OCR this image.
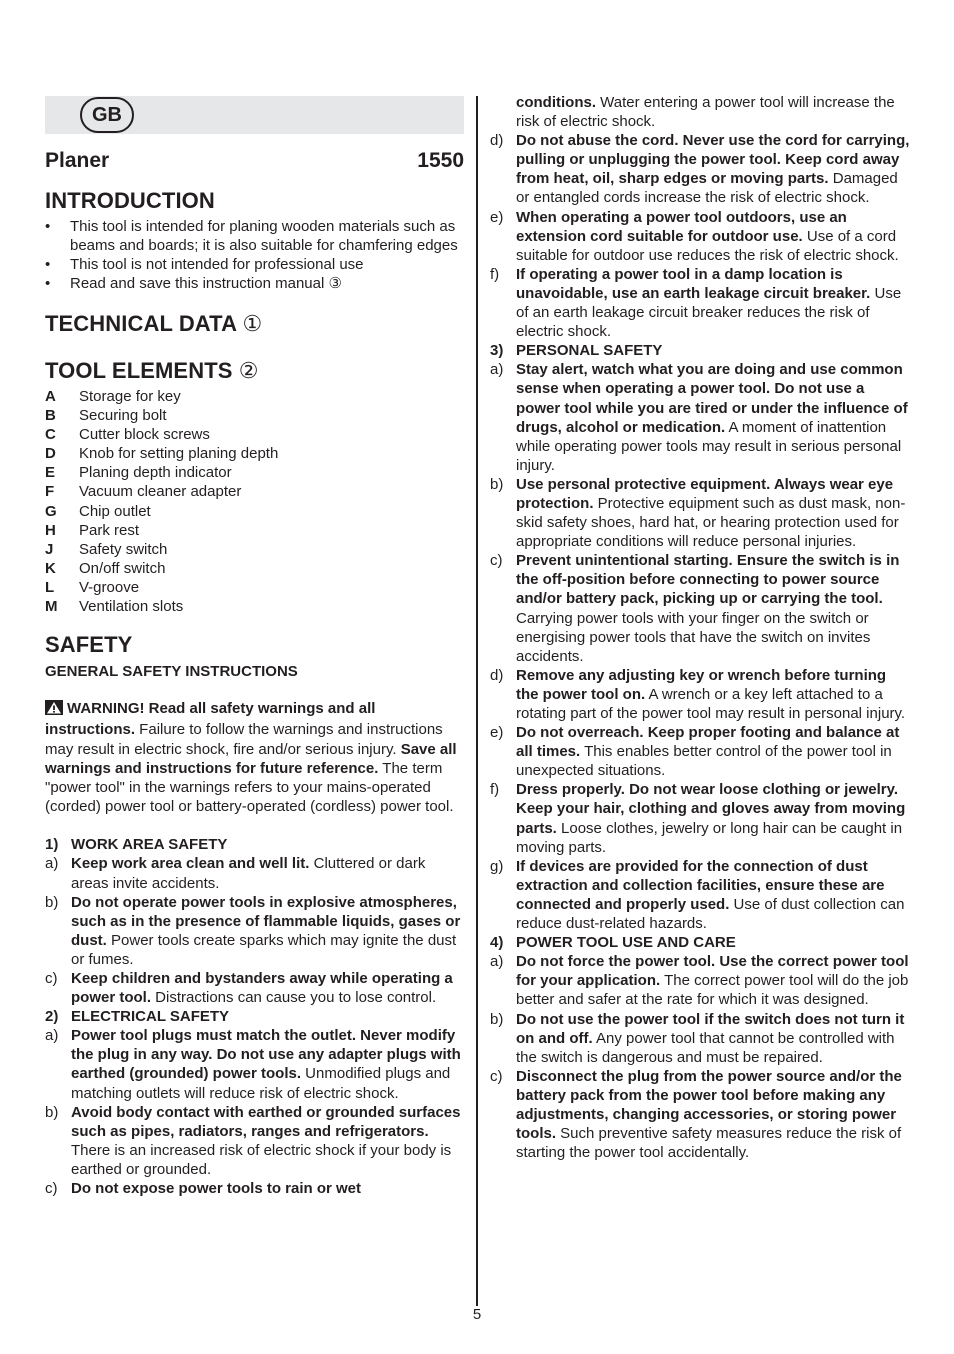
GB
Planer	1550
INTRODUCTION
•	This tool is intended for planing wooden materials such as beams and boards; it is also suitable for chamfering edges
•	This tool is not intended for professional use
•	Read and save this instruction manual ③
TECHNICAL DATA ①
TOOL ELEMENTS ②
A	Storage for key
B	Securing bolt
C	Cutter block screws
D	Knob for setting planing depth
E	Planing depth indicator
F	Vacuum cleaner adapter
G	Chip outlet
H	Park rest
J	Safety switch
K	On/off switch
L	V-groove
M	Ventilation slots
SAFETY
GENERAL SAFETY INSTRUCTIONS
WARNING! Read all safety warnings and all instructions. Failure to follow the warnings and instructions may result in electric shock, fire and/or serious injury. Save all warnings and instructions for future reference. The term "power tool" in the warnings refers to your mains-operated (corded) power tool or battery-operated (cordless) power tool.
1) WORK AREA SAFETY
a) Keep work area clean and well lit. Cluttered or dark areas invite accidents.
b) Do not operate power tools in explosive atmospheres, such as in the presence of flammable liquids, gases or dust. Power tools create sparks which may ignite the dust or fumes.
c) Keep children and bystanders away while operating a power tool. Distractions can cause you to lose control.
2) ELECTRICAL SAFETY
a) Power tool plugs must match the outlet. Never modify the plug in any way. Do not use any adapter plugs with earthed (grounded) power tools. Unmodified plugs and matching outlets will reduce risk of electric shock.
b) Avoid body contact with earthed or grounded surfaces such as pipes, radiators, ranges and refrigerators. There is an increased risk of electric shock if your body is earthed or grounded.
c) Do not expose power tools to rain or wet
conditions. Water entering a power tool will increase the risk of electric shock.
d) Do not abuse the cord. Never use the cord for carrying, pulling or unplugging the power tool. Keep cord away from heat, oil, sharp edges or moving parts. Damaged or entangled cords increase the risk of electric shock.
e) When operating a power tool outdoors, use an extension cord suitable for outdoor use. Use of a cord suitable for outdoor use reduces the risk of electric shock.
f)	If operating a power tool in a damp location is unavoidable, use an earth leakage circuit breaker. Use of an earth leakage circuit breaker reduces the risk of electric shock.
3) PERSONAL SAFETY
a) Stay alert, watch what you are doing and use common sense when operating a power tool. Do not use a power tool while you are tired or under the influence of drugs, alcohol or medication. A moment of inattention while operating power tools may result in serious personal injury.
b) Use personal protective equipment. Always wear eye protection. Protective equipment such as dust mask, non-skid safety shoes, hard hat, or hearing protection used for appropriate conditions will reduce personal injuries.
c) Prevent unintentional starting. Ensure the switch is in the off-position before connecting to power source and/or battery pack, picking up or carrying the tool. Carrying power tools with your finger on the switch or energising power tools that have the switch on invites accidents.
d) Remove any adjusting key or wrench before turning the power tool on. A wrench or a key left attached to a rotating part of the power tool may result in personal injury.
e) Do not overreach. Keep proper footing and balance at all times. This enables better control of the power tool in unexpected situations.
f)	Dress properly. Do not wear loose clothing or jewelry. Keep your hair, clothing and gloves away from moving parts. Loose clothes, jewelry or long hair can be caught in moving parts.
g) If devices are provided for the connection of dust extraction and collection facilities, ensure these are connected and properly used. Use of dust collection can reduce dust-related hazards.
4) POWER TOOL USE AND CARE
a) Do not force the power tool. Use the correct power tool for your application. The correct power tool will do the job better and safer at the rate for which it was designed.
b) Do not use the power tool if the switch does not turn it on and off. Any power tool that cannot be controlled with the switch is dangerous and must be repaired.
c) Disconnect the plug from the power source and/or the battery pack from the power tool before making any adjustments, changing accessories, or storing power tools. Such preventive safety measures reduce the risk of starting the power tool accidentally.
5
